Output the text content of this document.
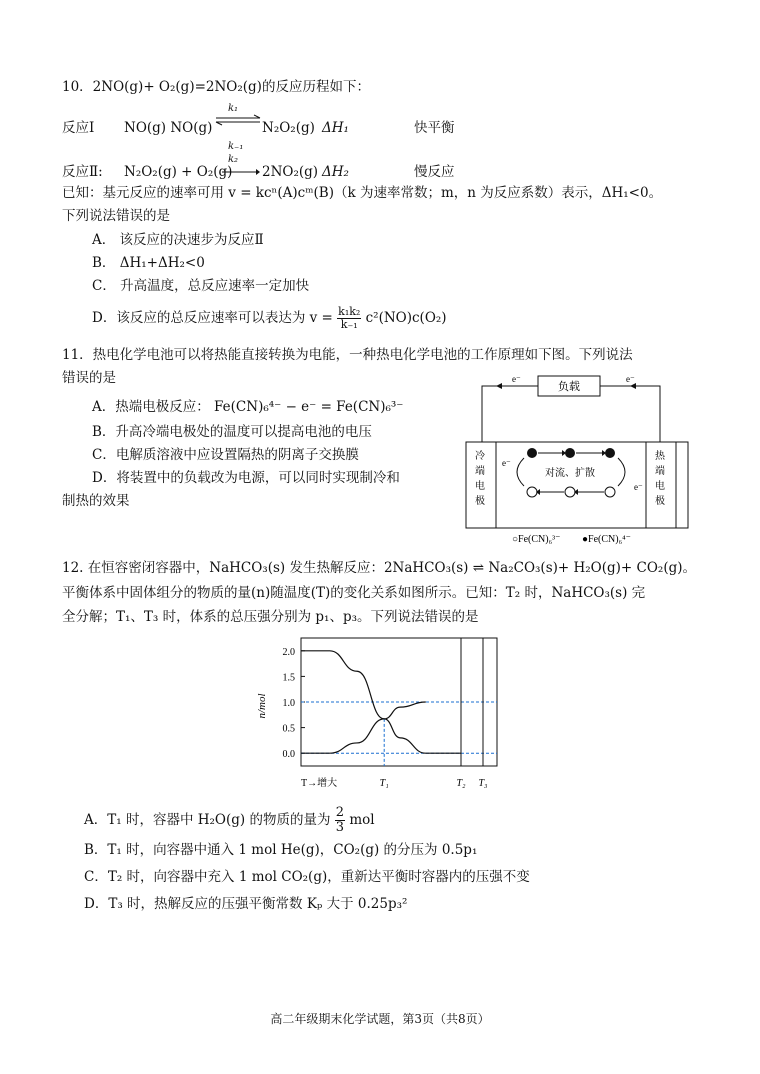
10．2NO(g)+ O₂(g)=2NO₂(g)的反应历程如下：
反应Ⅰ NO(g) NO(g)
k₁
k₋₁
N₂O₂(g) ΔH₁	快平衡
反应Ⅱ: N₂O₂(g) + O₂(g)
k₂
2NO₂(g) ΔH₂	慢反应
已知：基元反应的速率可用 v = kcⁿ(A)cᵐ(B)（k 为速率常数；m，n 为反应系数）表示，ΔH₁<0。
下列说法错误的是
A． 该反应的决速步为反应Ⅱ
B． ΔH₁+ΔH₂<0
C． 升高温度，总反应速率一定加快
D．该反应的总反应速率可以表达为 $v = \frac{\text{k₁k₂}}{\text{k₋₁}} c^2(NO)c(O_2)$
11．热电化学电池可以将热能直接转换为电能，一种热电化学电池的工作原理如下图。下列说法
错误的是
A．热端电极反应： Fe(CN)₆⁴⁻ − e⁻ = Fe(CN)₆³⁻
B．升高冷端电极处的温度可以提高电池的电压
C．电解质溶液中应设置隔热的阴离子交换膜
D．将装置中的负载改为电源，可以同时实现制冷和
制热的效果
负载
e⁻	e⁻
冷
端
电
极
热
端
电
极
对流、扩散
e⁻
e⁻
○Fe(CN)₆³⁻ ●Fe(CN)₆⁴⁻
12. 在恒容密闭容器中，NaHCO₃(s) 发生热解反应：2NaHCO₃(s) ⇌ Na₂CO₃(s)+ H₂O(g)+ CO₂(g)。
平衡体系中固体组分的物质的量(n)随温度(T)的变化关系如图所示。已知：T₂ 时，NaHCO₃(s) 完
全分解；T₁、T₃ 时，体系的总压强分别为 p₁、p₃。下列说法错误的是
2.0
1.5
1.0
0.5
0.0
T₁	T₂ T₃
n/mol
T→增大
A．T₁ 时，容器中 H₂O(g) 的物质的量为 $\frac{2}{3}$ mol
B．T₁ 时，向容器中通入 1 mol He(g)，CO₂(g) 的分压为 0.5p₁
C．T₂ 时，向容器中充入 1 mol CO₂(g)，重新达平衡时容器内的压强不变
D．T₃ 时，热解反应的压强平衡常数 Kₚ 大于 0.25p₃²
高二年级期末化学试题，第3页（共8页）
